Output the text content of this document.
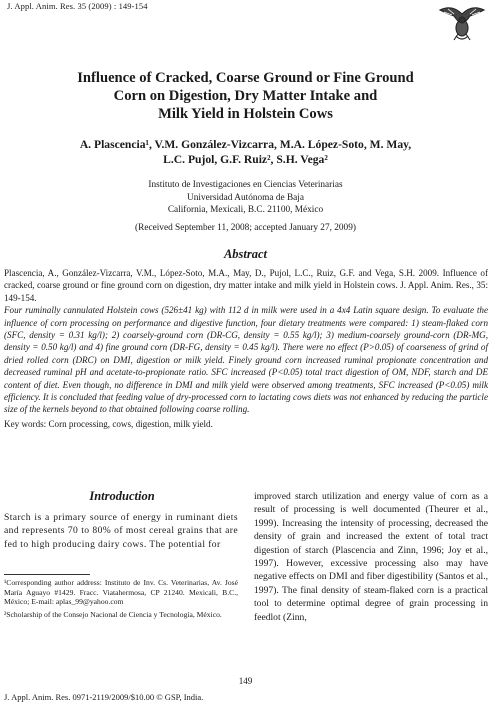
J. Appl. Anim. Res. 35 (2009) : 149-154
Influence of Cracked, Coarse Ground or Fine Ground
Corn on Digestion, Dry Matter Intake and
Milk Yield in Holstein Cows
A. Plascencia¹, V.M. González-Vizcarra, M.A. López-Soto, M. May,
L.C. Pujol, G.F. Ruiz², S.H. Vega²
Instituto de Investigaciones en Ciencias Veterinarias
Universidad Autónoma de Baja
California, Mexicali, B.C. 21100, México
(Received September 11, 2008; accepted January 27, 2009)
Abstract

Plascencia, A., González-Vizcarra, V.M., López-Soto, M.A., May, D., Pujol, L.C., Ruiz, G.F. and Vega, S.H. 2009. Influence of cracked, coarse ground or fine ground corn on digestion, dry matter intake and milk yield in Holstein cows. J. Appl. Anim. Res., 35: 149-154.

Four ruminally cannulated Holstein cows (526±41 kg) with 112 d in milk were used in a 4x4 Latin square design. To evaluate the influence of corn processing on performance and digestive function, four dietary treatments were compared: 1) steam-flaked corn (SFC, density = 0.31 kg/l); 2) coarsely-ground corn (DR-CG, density = 0.55 kg/l); 3) medium-coarsely ground-corn (DR-MG, density = 0.50 kg/l) and 4) fine ground corn (DR-FG, density = 0.45 kg/l). There were no effect (P>0.05) of coarseness of grind of dried rolled corn (DRC) on DMI, digestion or milk yield. Finely ground corn increased ruminal propionate concentration and decreased ruminal pH and acetate-to-propionate ratio. SFC increased (P<0.05) total tract digestion of OM, NDF, starch and DE content of diet. Even though, no difference in DMI and milk yield were observed among treatments, SFC increased (P<0.05) milk efficiency. It is concluded that feeding value of dry-processed corn to lactating cows diets was not enhanced by reducing the particle size of the kernels beyond to that obtained following coarse rolling.

Key words: Corn processing, cows, digestion, milk yield.

Introduction

Starch is a primary source of energy in ruminant diets and represents 70 to 80% of most cereal grains that are fed to high producing dairy cows. The potential for

¹Corresponding author address: Instituto de Inv. Cs. Veterinarias, Av. José María Aguayo #1429. Fracc. Viatahermosa, CP 21240. Mexicali, B.C., México; E-mail: aplas_99@yahoo.com

²Scholarship of the Consejo Nacional de Ciencia y Tecnología, México.

improved starch utilization and energy value of corn as a result of processing is well documented (Theurer et al., 1999). Increasing the intensity of processing, decreased the density of grain and increased the extent of total tract digestion of starch (Plascencia and Zinn, 1996; Joy et al., 1997). However, excessive processing also may have negative effects on DMI and fiber digestibility (Santos et al., 1997). The final density of steam-flaked corn is a practical tool to determine optimal degree of grain processing in feedlot (Zinn,

149
J. Appl. Anim. Res. 0971-2119/2009/$10.00 © GSP, India.
